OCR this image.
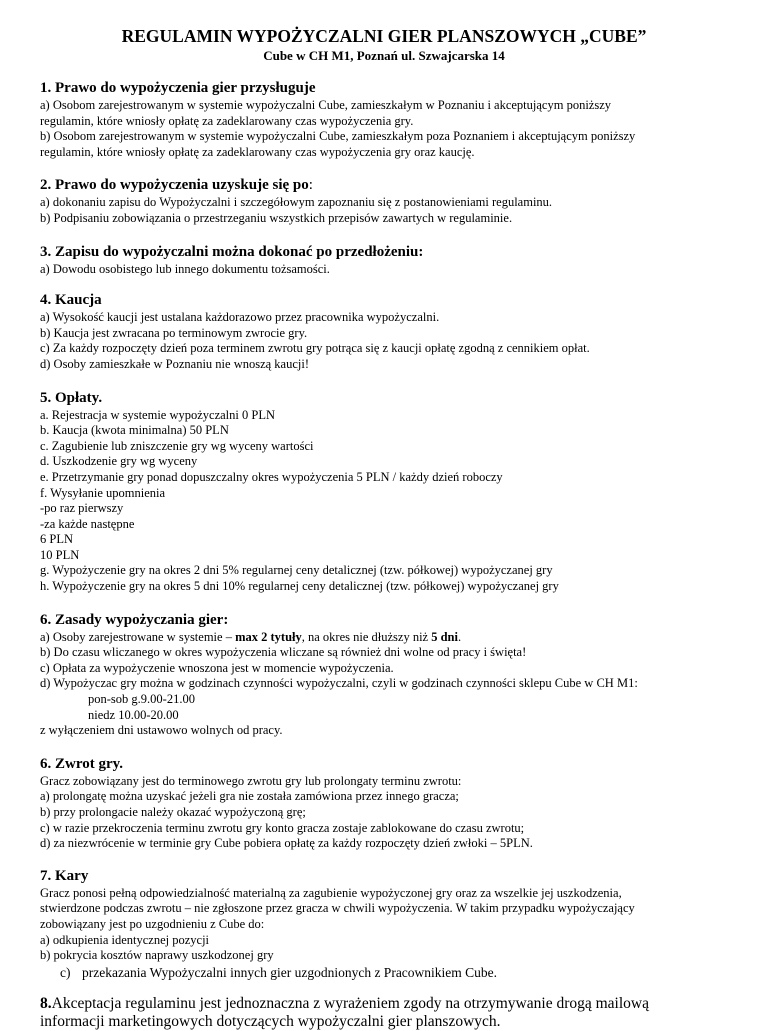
REGULAMIN WYPOŻYCZALNI GIER PLANSZOWYCH „CUBE”

Cube w CH M1, Poznań ul. Szwajcarska 14

1. Prawo do wypożyczenia gier przysługuje

a) Osobom zarejestrowanym w systemie wypożyczalni Cube, zamieszkałym w Poznaniu i akceptującym poniższy

regulamin, które wniosły opłatę za zadeklarowany czas wypożyczenia gry.

b) Osobom zarejestrowanym w systemie wypożyczalni Cube, zamieszkałym poza Poznaniem i akceptującym poniższy

regulamin, które wniosły opłatę za zadeklarowany czas wypożyczenia gry oraz kaucję.

2. Prawo do wypożyczenia uzyskuje się po:

a) dokonaniu zapisu do Wypożyczalni i szczegółowym zapoznaniu się z postanowieniami regulaminu.

b) Podpisaniu zobowiązania o przestrzeganiu wszystkich przepisów zawartych w regulaminie.

3. Zapisu do wypożyczalni można dokonać po przedłożeniu:

a) Dowodu osobistego lub innego dokumentu tożsamości.

4. Kaucja

a) Wysokość kaucji jest ustalana każdorazowo przez pracownika wypożyczalni.

b) Kaucja jest zwracana po terminowym zwrocie gry.

c) Za każdy rozpoczęty dzień poza terminem zwrotu gry potrąca się z kaucji opłatę zgodną z cennikiem opłat.

d) Osoby zamieszkałe w Poznaniu nie wnoszą kaucji!

5. Opłaty.

a. Rejestracja w systemie wypożyczalni 0 PLN

b. Kaucja (kwota minimalna) 50 PLN

c. Zagubienie lub zniszczenie gry wg wyceny wartości

d. Uszkodzenie gry wg wyceny

e. Przetrzymanie gry ponad dopuszczalny okres wypożyczenia 5 PLN / każdy dzień roboczy

f. Wysyłanie upomnienia

-po raz pierwszy

-za każde następne

6 PLN

10 PLN

g. Wypożyczenie gry na okres 2 dni 5% regularnej ceny detalicznej (tzw. półkowej) wypożyczanej gry

h. Wypożyczenie gry na okres 5 dni 10% regularnej ceny detalicznej (tzw. półkowej) wypożyczanej gry

6. Zasady wypożyczania gier:

a) Osoby zarejestrowane w systemie – max 2 tytuły, na okres nie dłuższy niż 5 dni.

b) Do czasu wliczanego w okres wypożyczenia wliczane są również dni wolne od pracy i święta!

c) Opłata za wypożyczenie wnoszona jest w momencie wypożyczenia.

d) Wypożyczac gry można w godzinach czynności wypożyczalni, czyli w godzinach czynności sklepu Cube w CH M1:

pon-sob g.9.00-21.00

niedz 10.00-20.00

z wyłączeniem dni ustawowo wolnych od pracy.

6. Zwrot gry.

Gracz zobowiązany jest do terminowego zwrotu gry lub prolongaty terminu zwrotu:

a) prolongatę można uzyskać jeżeli gra nie została zamówiona przez innego gracza;

b) przy prolongacie należy okazać wypożyczoną grę;

c) w razie przekroczenia terminu zwrotu gry konto gracza zostaje zablokowane do czasu zwrotu;

d) za niezwrócenie w terminie gry Cube pobiera opłatę za każdy rozpoczęty dzień zwłoki – 5PLN.

7. Kary

Gracz ponosi pełną odpowiedzialność materialną za zagubienie wypożyczonej gry oraz za wszelkie jej uszkodzenia,

stwierdzone podczas zwrotu – nie zgłoszone przez gracza w chwili wypożyczenia. W takim przypadku wypożyczający

zobowiązany jest po uzgodnieniu z Cube do:

a) odkupienia identycznej pozycji

b) pokrycia kosztów naprawy uszkodzonej gry

c) przekazania Wypożyczalni innych gier uzgodnionych z Pracownikiem Cube.

8.Akceptacja regulaminu jest jednoznaczna z wyrażeniem zgody na otrzymywanie drogą mailową
informacji marketingowych dotyczących wypożyczalni gier planszowych.
